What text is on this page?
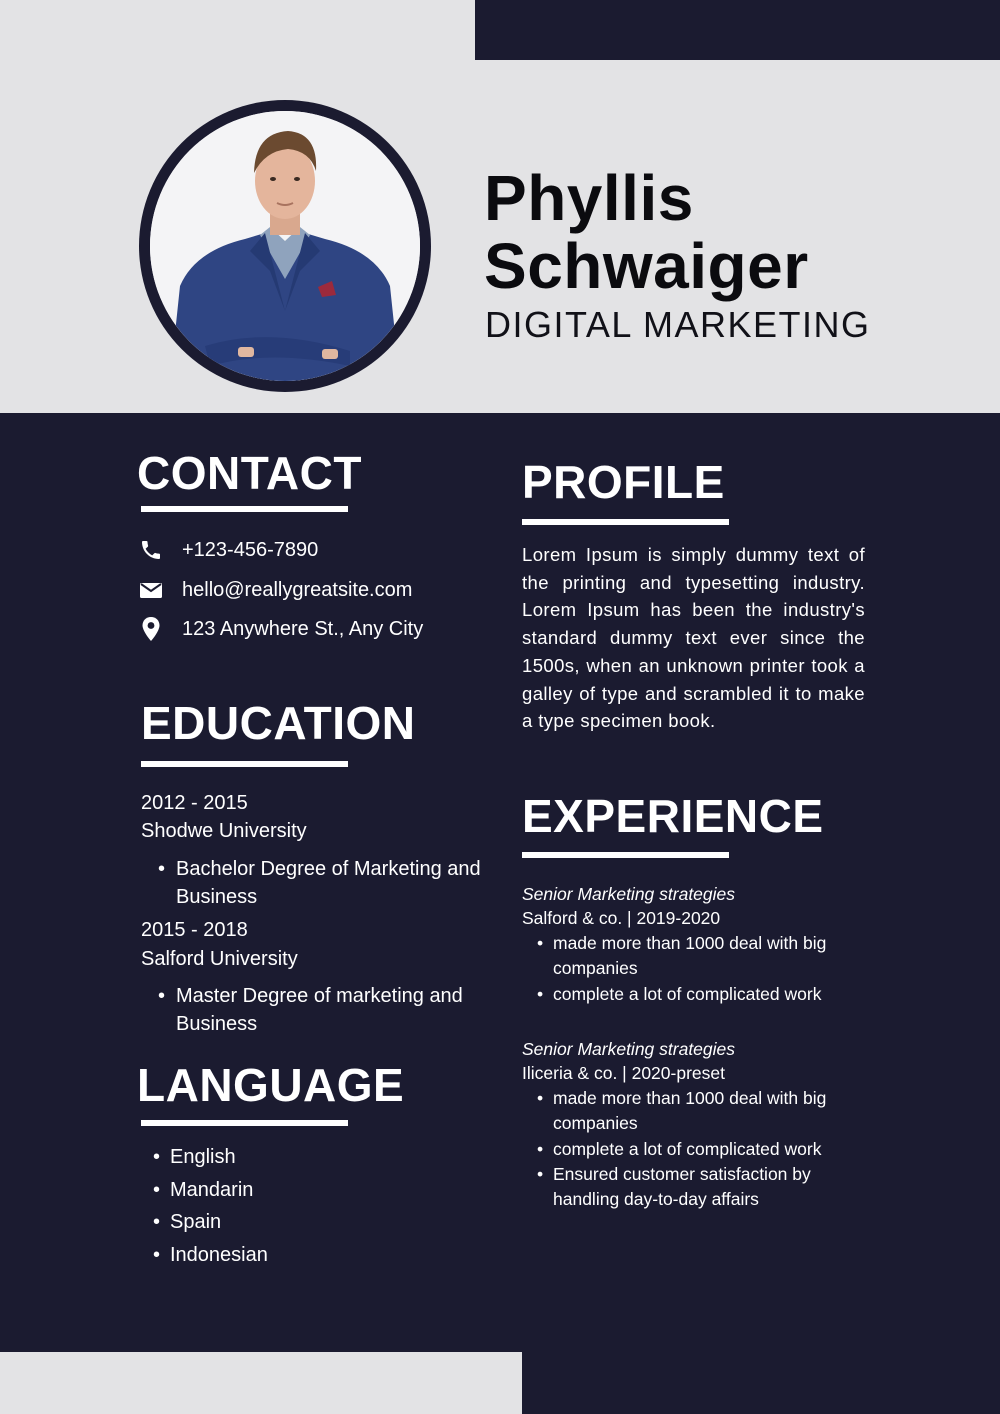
Phyllis
Schwaiger
DIGITAL MARKETING
CONTACT
+123-456-7890
hello@reallygreatsite.com
123 Anywhere St., Any City
EDUCATION
2012 - 2015
Shodwe University
• Bachelor Degree of Marketing and Business
2015 - 2018
Salford University
• Master Degree of marketing and Business
LANGUAGE
• English
• Mandarin
• Spain
• Indonesian
PROFILE
Lorem Ipsum is simply dummy text of the printing and typesetting industry. Lorem Ipsum has been the industry's standard dummy text ever since the 1500s, when an unknown printer took a galley of type and scrambled it to make a type specimen book.
EXPERIENCE
Senior Marketing strategies
Salford & co. | 2019-2020
• made more than 1000 deal with big companies
• complete a lot of complicated work
Senior Marketing strategies
Iliceria & co. | 2020-preset
• made more than 1000 deal with big companies
• complete a lot of complicated work
• Ensured customer satisfaction by handling day-to-day affairs
